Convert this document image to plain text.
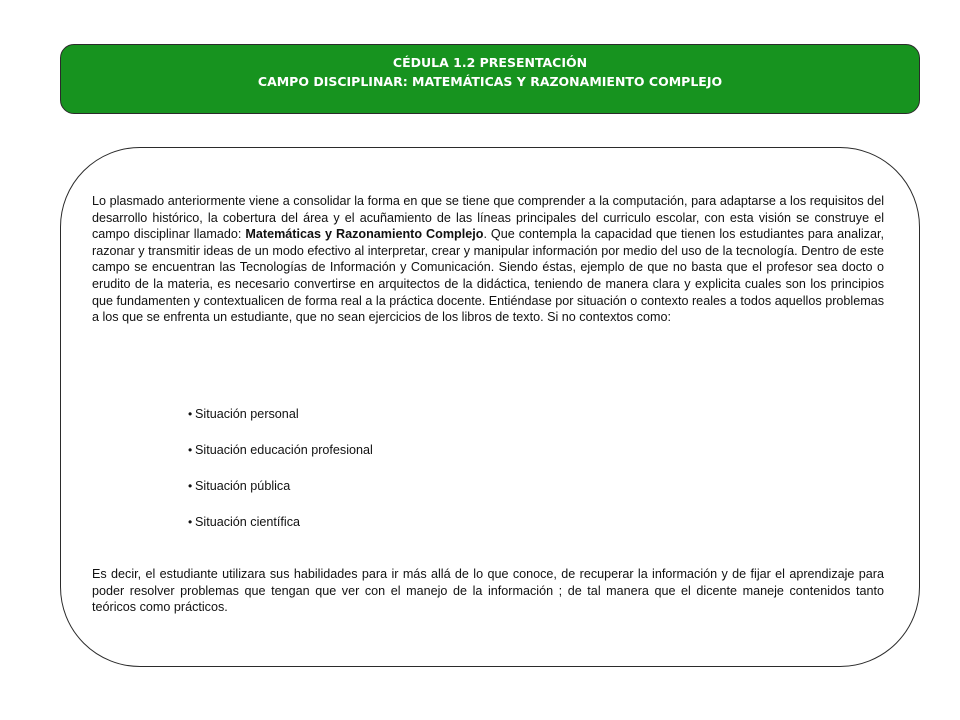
CÉDULA 1.2 PRESENTACIÓN
CAMPO DISCIPLINAR: MATEMÁTICAS Y RAZONAMIENTO COMPLEJO

Lo plasmado anteriormente viene a consolidar la forma en que se tiene que comprender a la computación, para adaptarse a los requisitos del desarrollo histórico, la cobertura del área y el acuñamiento de las líneas principales del curriculo escolar, con esta visión se construye el campo disciplinar llamado: Matemáticas y Razonamiento Complejo. Que contempla la capacidad que tienen los estudiantes para analizar, razonar y transmitir ideas de un modo efectivo al interpretar, crear y manipular información por medio del uso de la tecnología. Dentro de este campo se encuentran las Tecnologías de Información y Comunicación. Siendo éstas, ejemplo de que no basta que el profesor sea docto o erudito de la materia, es necesario convertirse en arquitectos de la didáctica, teniendo de manera clara y explicita cuales son los principios que fundamenten y contextualicen de forma real a la práctica docente. Entiéndase por situación o contexto reales a todos aquellos problemas a los que se enfrenta un estudiante, que no sean ejercicios de los libros de texto. Si no contextos como:

• Situación personal
• Situación educación profesional
• Situación pública
• Situación científica

Es decir, el estudiante utilizara sus habilidades para ir más allá de lo que conoce, de recuperar la información y de fijar el aprendizaje para poder resolver problemas que tengan que ver con el manejo de la información ; de tal manera que el dicente maneje contenidos tanto teóricos como prácticos.
